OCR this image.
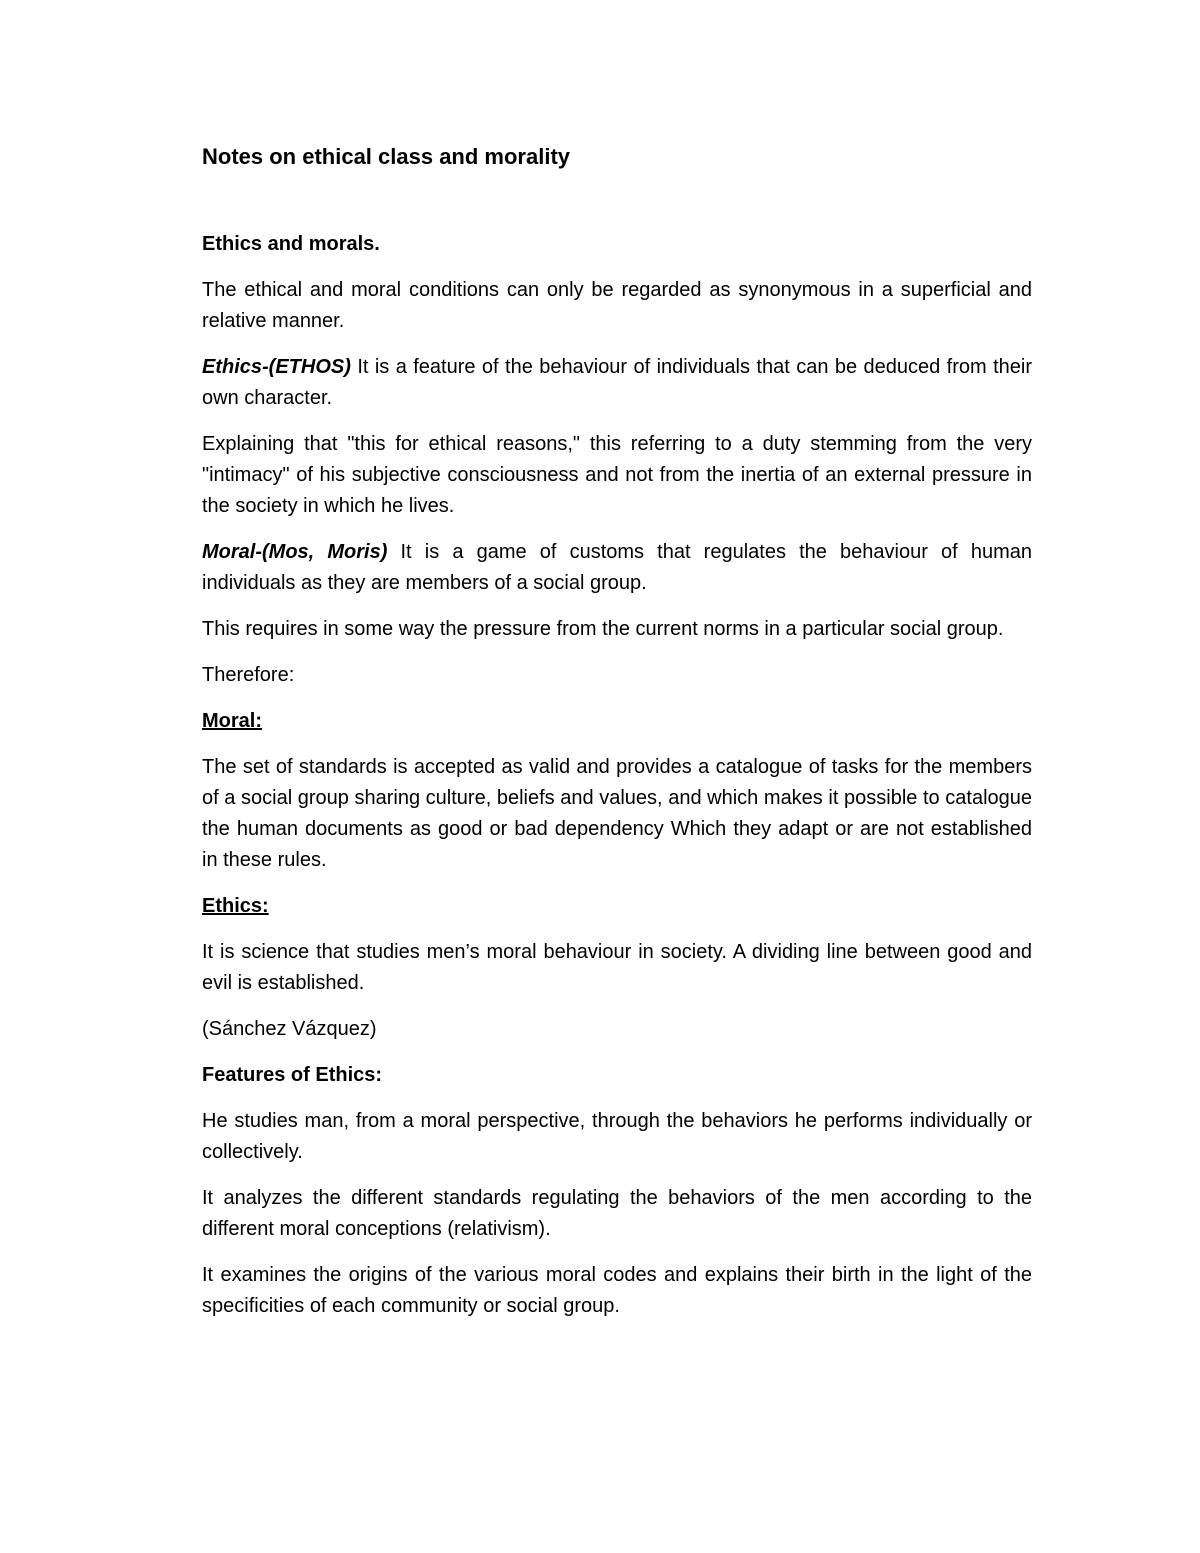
Notes on ethical class and morality

Ethics and morals.

The ethical and moral conditions can only be regarded as synonymous in a superficial and relative manner.

Ethics-(ETHOS) It is a feature of the behaviour of individuals that can be deduced from their own character.

Explaining that "this for ethical reasons," this referring to a duty stemming from the very "intimacy" of his subjective consciousness and not from the inertia of an external pressure in the society in which he lives.

Moral-(Mos, Moris) It is a game of customs that regulates the behaviour of human individuals as they are members of a social group.

This requires in some way the pressure from the current norms in a particular social group.

Therefore:

Moral:

The set of standards is accepted as valid and provides a catalogue of tasks for the members of a social group sharing culture, beliefs and values, and which makes it possible to catalogue the human documents as good or bad dependency Which they adapt or are not established in these rules.

Ethics:

It is science that studies men’s moral behaviour in society. A dividing line between good and evil is established.

(Sánchez Vázquez)

Features of Ethics:

He studies man, from a moral perspective, through the behaviors he performs individually or collectively.

It analyzes the different standards regulating the behaviors of the men according to the different moral conceptions (relativism).

It examines the origins of the various moral codes and explains their birth in the light of the specificities of each community or social group.
